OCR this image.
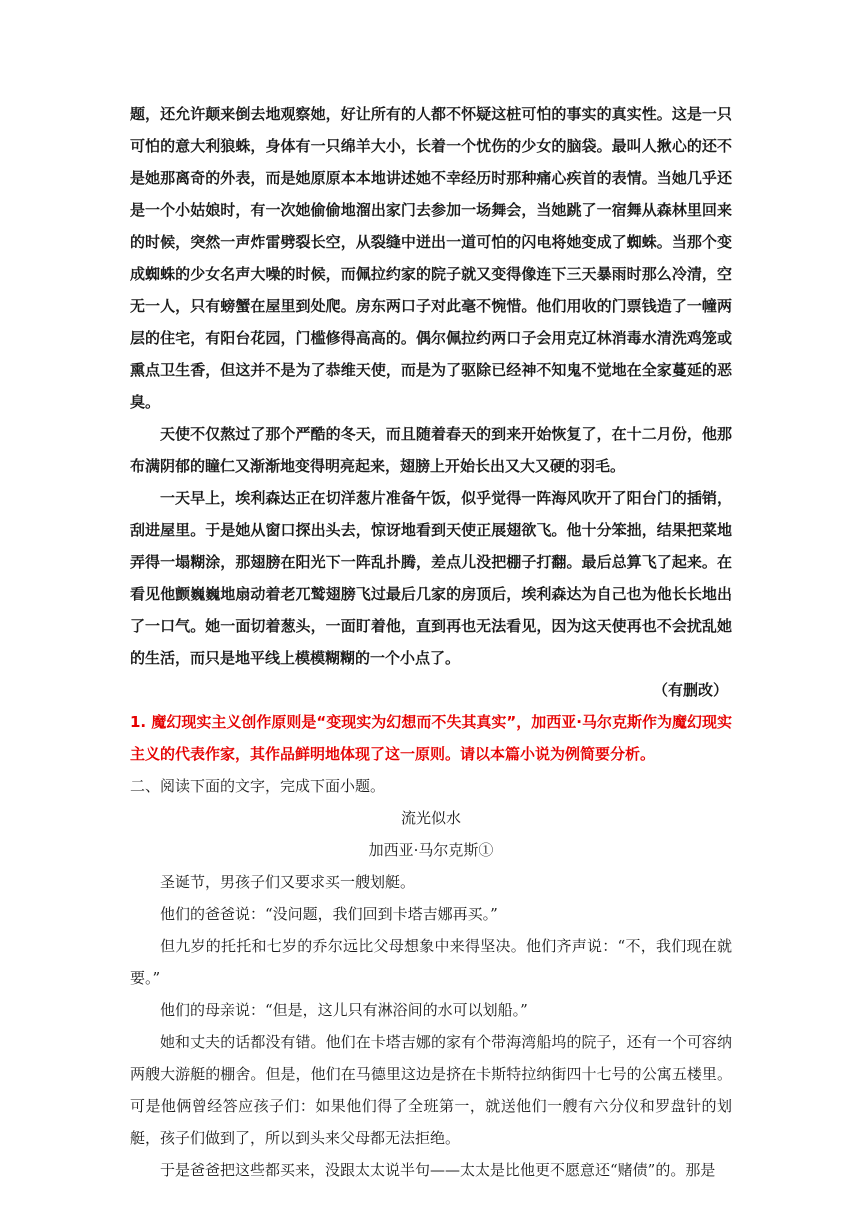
题，还允许颠来倒去地观察她，好让所有的人都不怀疑这桩可怕的事实的真实性。这是一只可怕的意大利狼蛛，身体有一只绵羊大小，长着一个忧伤的少女的脑袋。最叫人揪心的还不是她那离奇的外表，而是她原原本本地讲述她不幸经历时那种痛心疾首的表情。当她几乎还是一个小姑娘时，有一次她偷偷地溜出家门去参加一场舞会，当她跳了一宿舞从森林里回来的时候，突然一声炸雷劈裂长空，从裂缝中迸出一道可怕的闪电将她变成了蜘蛛。当那个变成蜘蛛的少女名声大噪的时候，而佩拉约家的院子就又变得像连下三天暴雨时那么冷清，空无一人，只有螃蟹在屋里到处爬。房东两口子对此毫不惋惜。他们用收的门票钱造了一幢两层的住宅，有阳台花园，门槛修得高高的。偶尔佩拉约两口子会用克辽林消毒水清洗鸡笼或熏点卫生香，但这并不是为了恭维天使，而是为了驱除已经神不知鬼不觉地在全家蔓延的恶臭。

天使不仅熬过了那个严酷的冬天，而且随着春天的到来开始恢复了，在十二月份，他那布满阴郁的瞳仁又渐渐地变得明亮起来，翅膀上开始长出又大又硬的羽毛。

一天早上，埃利森达正在切洋葱片准备午饭，似乎觉得一阵海风吹开了阳台门的插销，刮进屋里。于是她从窗口探出头去，惊讶地看到天使正展翅欲飞。他十分笨拙，结果把菜地弄得一塌糊涂，那翅膀在阳光下一阵乱扑腾，差点儿没把棚子打翻。最后总算飞了起来。在看见他颤巍巍地扇动着老兀鹫翅膀飞过最后几家的房顶后，埃利森达为自己也为他长长地出了一口气。她一面切着葱头，一面盯着他，直到再也无法看见，因为这天使再也不会扰乱她的生活，而只是地平线上模模糊糊的一个小点了。

（有删改）

1. 魔幻现实主义创作原则是“变现实为幻想而不失其真实”，加西亚·马尔克斯作为魔幻现实主义的代表作家，其作品鲜明地体现了这一原则。请以本篇小说为例简要分析。

二、阅读下面的文字，完成下面小题。

流光似水

加西亚·马尔克斯①

圣诞节，男孩子们又要求买一艘划艇。

他们的爸爸说：“没问题，我们回到卡塔吉娜再买。”

但九岁的托托和七岁的乔尔远比父母想象中来得坚决。他们齐声说：“不，我们现在就要。”

他们的母亲说：“但是，这儿只有淋浴间的水可以划船。”

她和丈夫的话都没有错。他们在卡塔吉娜的家有个带海湾船坞的院子，还有一个可容纳两艘大游艇的棚舍。但是，他们在马德里这边是挤在卡斯特拉纳街四十七号的公寓五楼里。可是他俩曾经答应孩子们：如果他们得了全班第一，就送他们一艘有六分仪和罗盘针的划艇，孩子们做到了，所以到头来父母都无法拒绝。

于是爸爸把这些都买来，没跟太太说半句——太太是比他更不愿意还“赌债”的。那是
